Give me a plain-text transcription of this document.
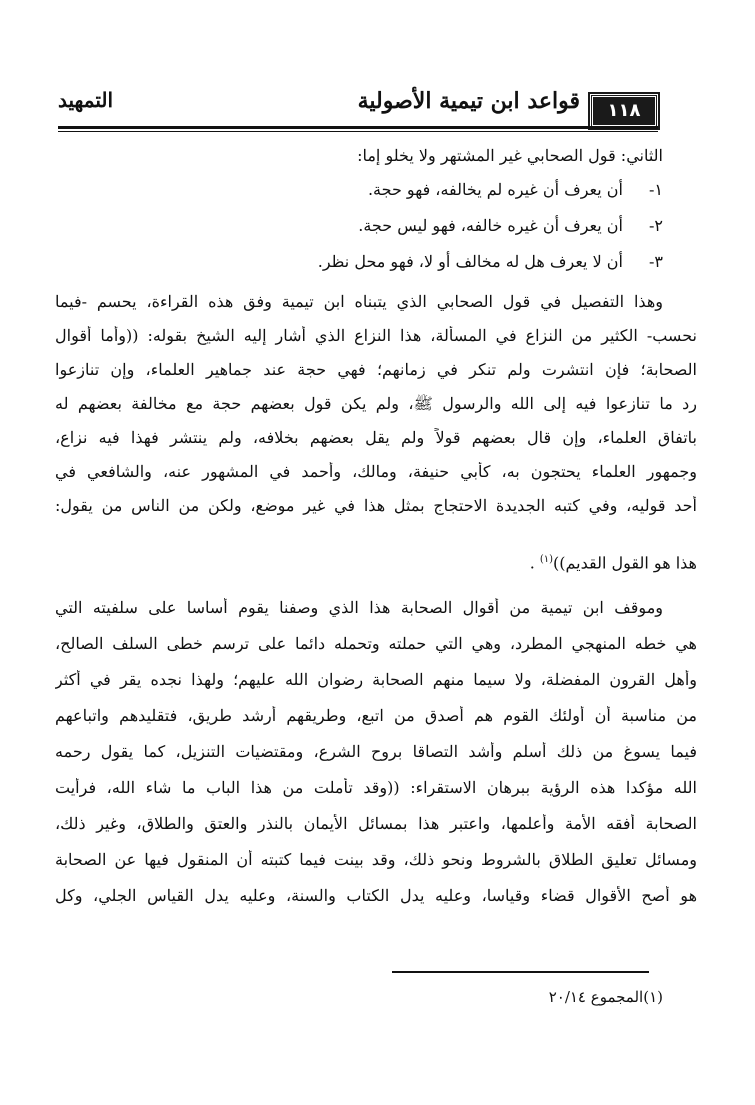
١١٨
قواعد ابن تيمية الأصولية
التمهيد
الثاني: قول الصحابي غير المشتهر ولا يخلو إما:
١-أن يعرف أن غيره لم يخالفه، فهو حجة.
٢-أن يعرف أن غيره خالفه، فهو ليس حجة.
٣-أن لا يعرف هل له مخالف أو لا، فهو محل نظر.
وهذا التفصيل في قول الصحابي الذي يتبناه ابن تيمية وفق هذه القراءة، يحسم -فيما
نحسب- الكثير من النزاع في المسألة، هذا النزاع الذي أشار إليه الشيخ بقوله: ((وأما أقوال
الصحابة؛ فإن انتشرت ولم تنكر في زمانهم؛ فهي حجة عند جماهير العلماء، وإن تنازعوا
رد ما تنازعوا فيه إلى الله والرسول ﷺ، ولم يكن قول بعضهم حجة مع مخالفة بعضهم له
باتفاق العلماء، وإن قال بعضهم قولاً ولم يقل بعضهم بخلافه، ولم ينتشر فهذا فيه نزاع،
وجمهور العلماء يحتجون به، كأبي حنيفة، ومالك، وأحمد في المشهور عنه، والشافعي في
أحد قوليه، وفي كتبه الجديدة الاحتجاج بمثل هذا في غير موضع، ولكن من الناس من يقول:
هذا هو القول القديم))$^{(١)}$ .
وموقف ابن تيمية من أقوال الصحابة هذا الذي وصفنا يقوم أساسا على سلفيته التي
هي خطه المنهجي المطرد، وهي التي حملته وتحمله دائما على ترسم خطى السلف الصالح،
وأهل القرون المفضلة، ولا سيما منهم الصحابة رضوان الله عليهم؛ ولهذا نجده يقر في أكثر
من مناسبة أن أولئك القوم هم أصدق من اتبع، وطريقهم أرشد طريق، فتقليدهم واتباعهم
فيما يسوغ من ذلك أسلم وأشد التصاقا بروح الشرع، ومقتضيات التنزيل، كما يقول رحمه
الله مؤكدا هذه الرؤية ببرهان الاستقراء: ((وقد تأملت من هذا الباب ما شاء الله، فرأيت
الصحابة أفقه الأمة وأعلمها، واعتبر هذا بمسائل الأيمان بالنذر والعتق والطلاق، وغير ذلك،
ومسائل تعليق الطلاق بالشروط ونحو ذلك، وقد بينت فيما كتبته أن المنقول فيها عن الصحابة
هو أصح الأقوال قضاء وقياسا، وعليه يدل الكتاب والسنة، وعليه يدل القياس الجلي، وكل
(١)المجموع ٢٠/١٤
